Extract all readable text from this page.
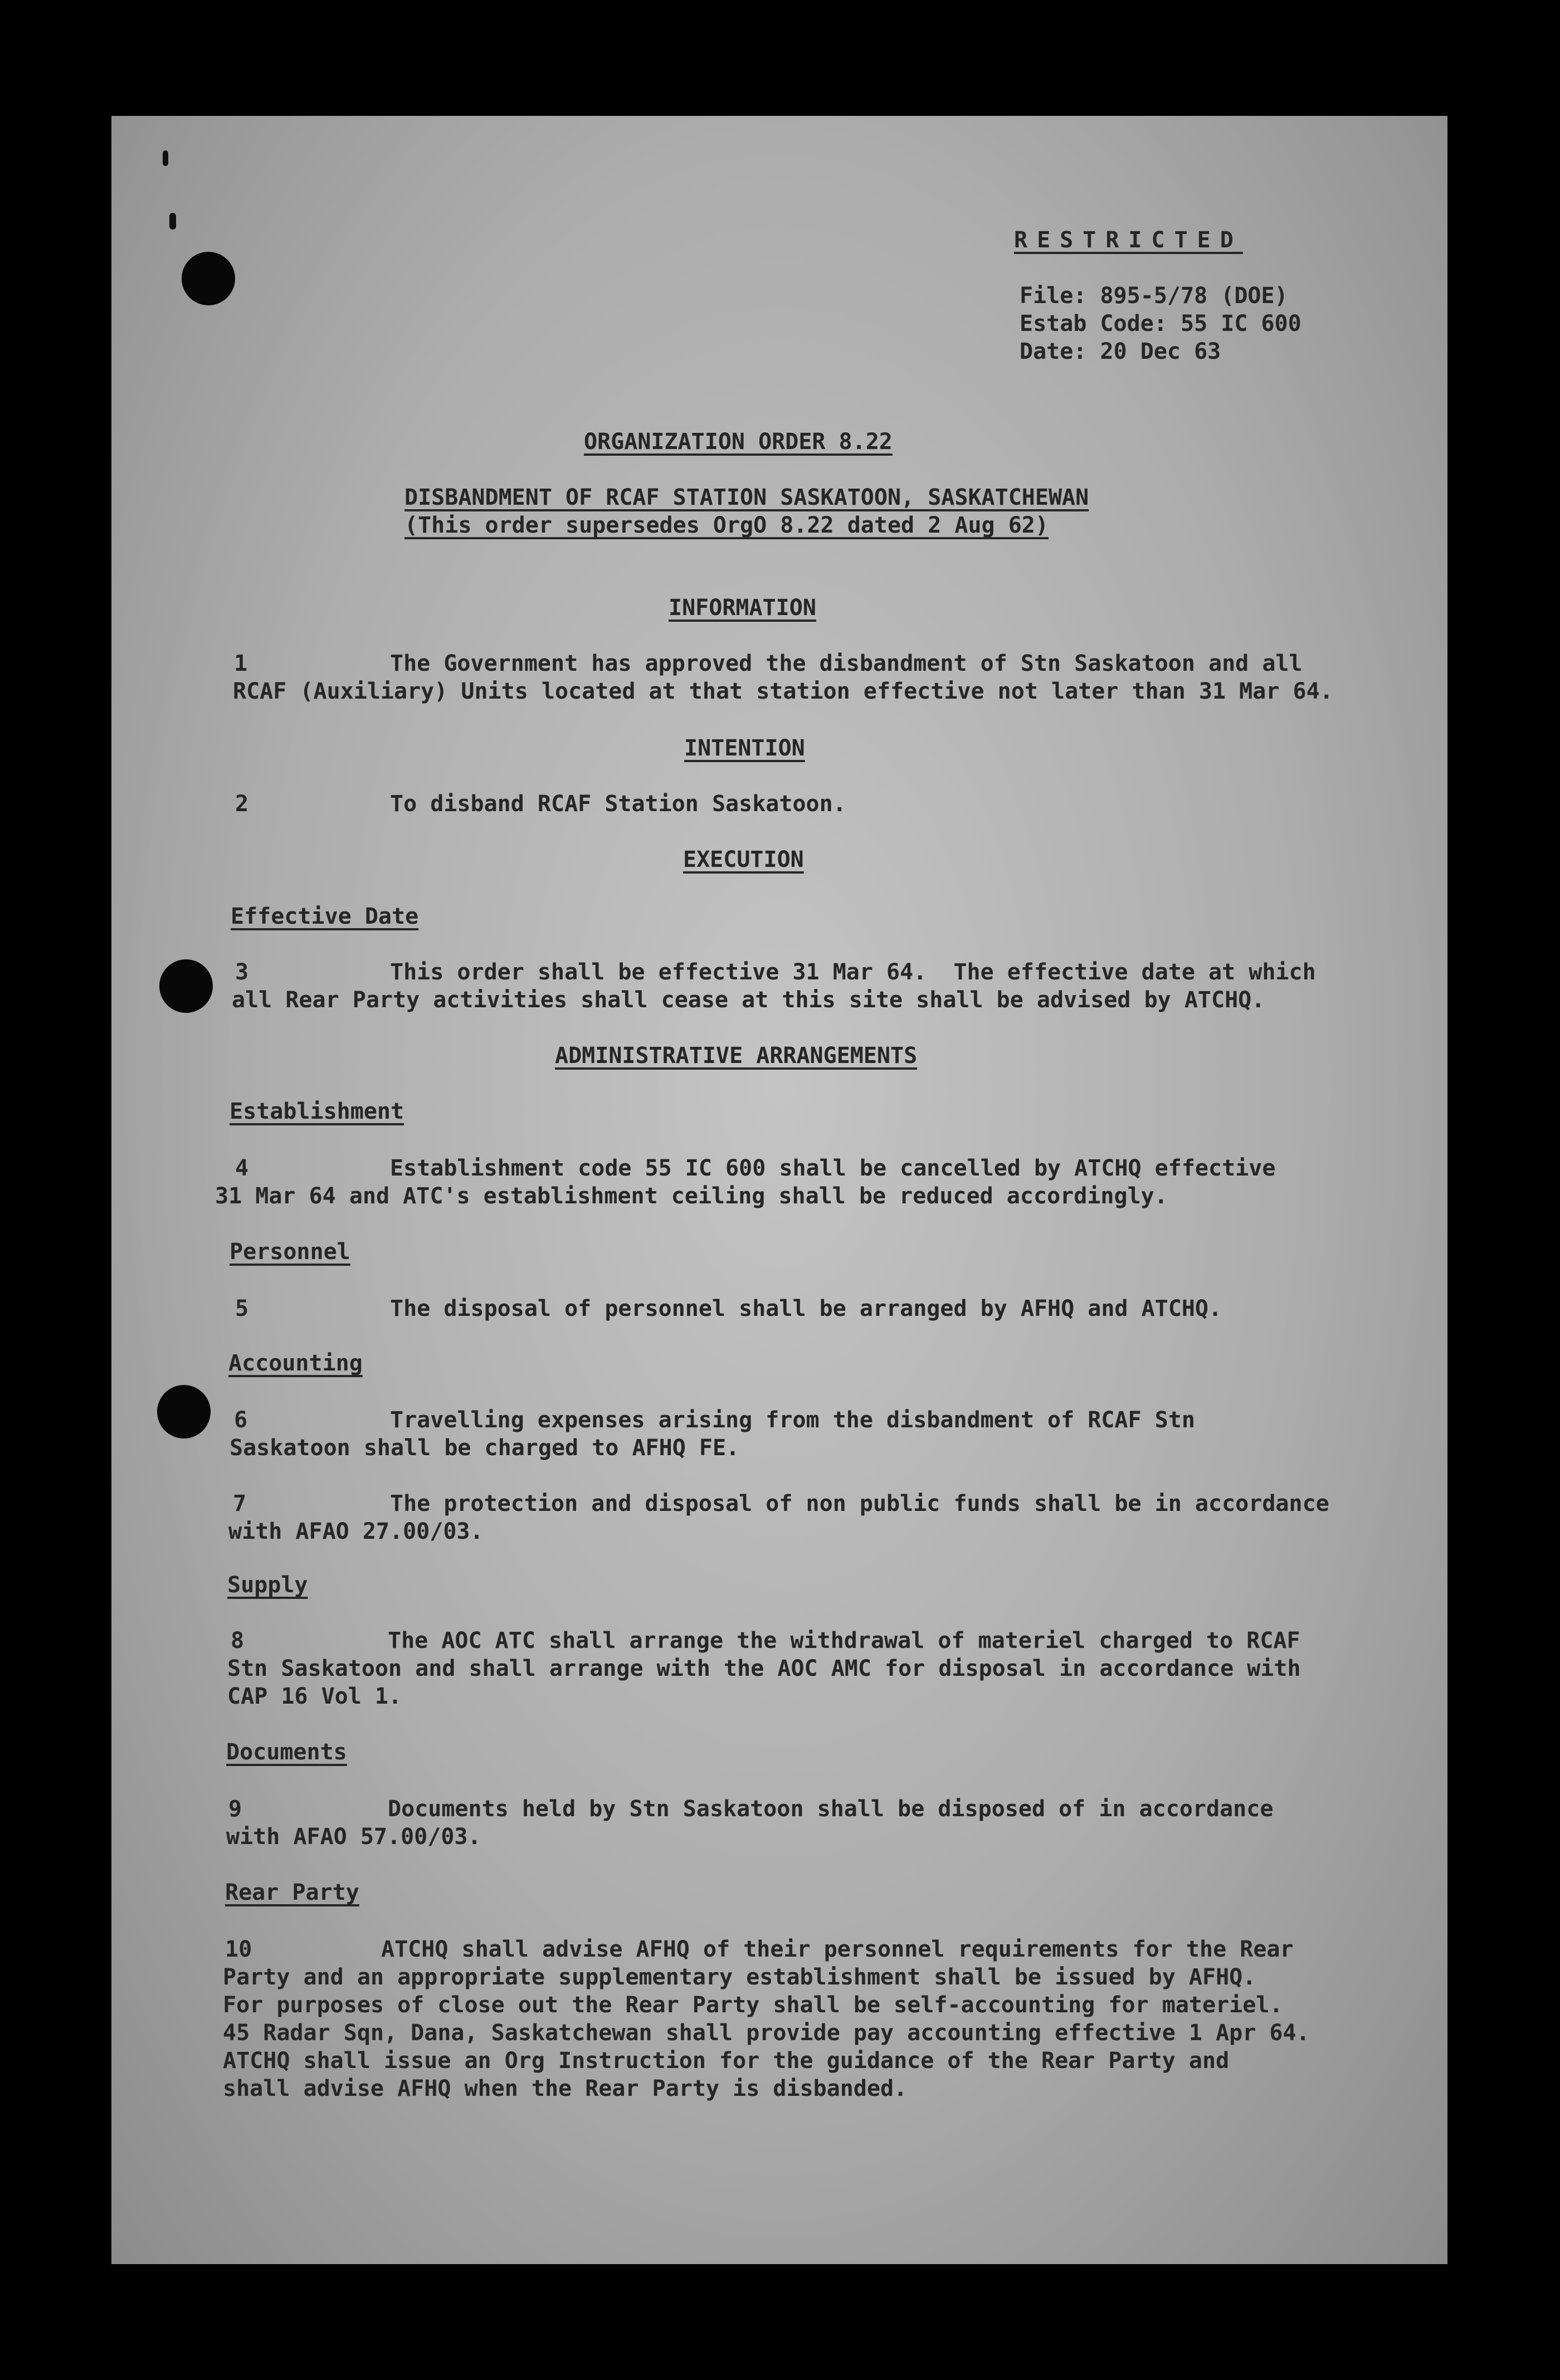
RESTRICTED
File: 895-5/78 (DOE)
Estab Code: 55 IC 600
Date: 20 Dec 63
ORGANIZATION ORDER 8.22
DISBANDMENT OF RCAF STATION SASKATOON, SASKATCHEWAN
(This order supersedes OrgO 8.22 dated 2 Aug 62)
INFORMATION
1	The Government has approved the disbandment of Stn Saskatoon and all
RCAF (Auxiliary) Units located at that station effective not later than 31 Mar 64.
INTENTION
2	To disband RCAF Station Saskatoon.
EXECUTION
Effective Date
3	This order shall be effective 31 Mar 64.  The effective date at which
all Rear Party activities shall cease at this site shall be advised by ATCHQ.
ADMINISTRATIVE ARRANGEMENTS
Establishment
4	Establishment code 55 IC 600 shall be cancelled by ATCHQ effective
31 Mar 64 and ATC's establishment ceiling shall be reduced accordingly.
Personnel
5	The disposal of personnel shall be arranged by AFHQ and ATCHQ.
Accounting
6	Travelling expenses arising from the disbandment of RCAF Stn
Saskatoon shall be charged to AFHQ FE.
7	The protection and disposal of non public funds shall be in accordance
with AFAO 27.00/03.
Supply
8	The AOC ATC shall arrange the withdrawal of materiel charged to RCAF
Stn Saskatoon and shall arrange with the AOC AMC for disposal in accordance with
CAP 16 Vol 1.
Documents
9	Documents held by Stn Saskatoon shall be disposed of in accordance
with AFAO 57.00/03.
Rear Party
10	ATCHQ shall advise AFHQ of their personnel requirements for the Rear
Party and an appropriate supplementary establishment shall be issued by AFHQ.
For purposes of close out the Rear Party shall be self-accounting for materiel.
45 Radar Sqn, Dana, Saskatchewan shall provide pay accounting effective 1 Apr 64.
ATCHQ shall issue an Org Instruction for the guidance of the Rear Party and
shall advise AFHQ when the Rear Party is disbanded.
